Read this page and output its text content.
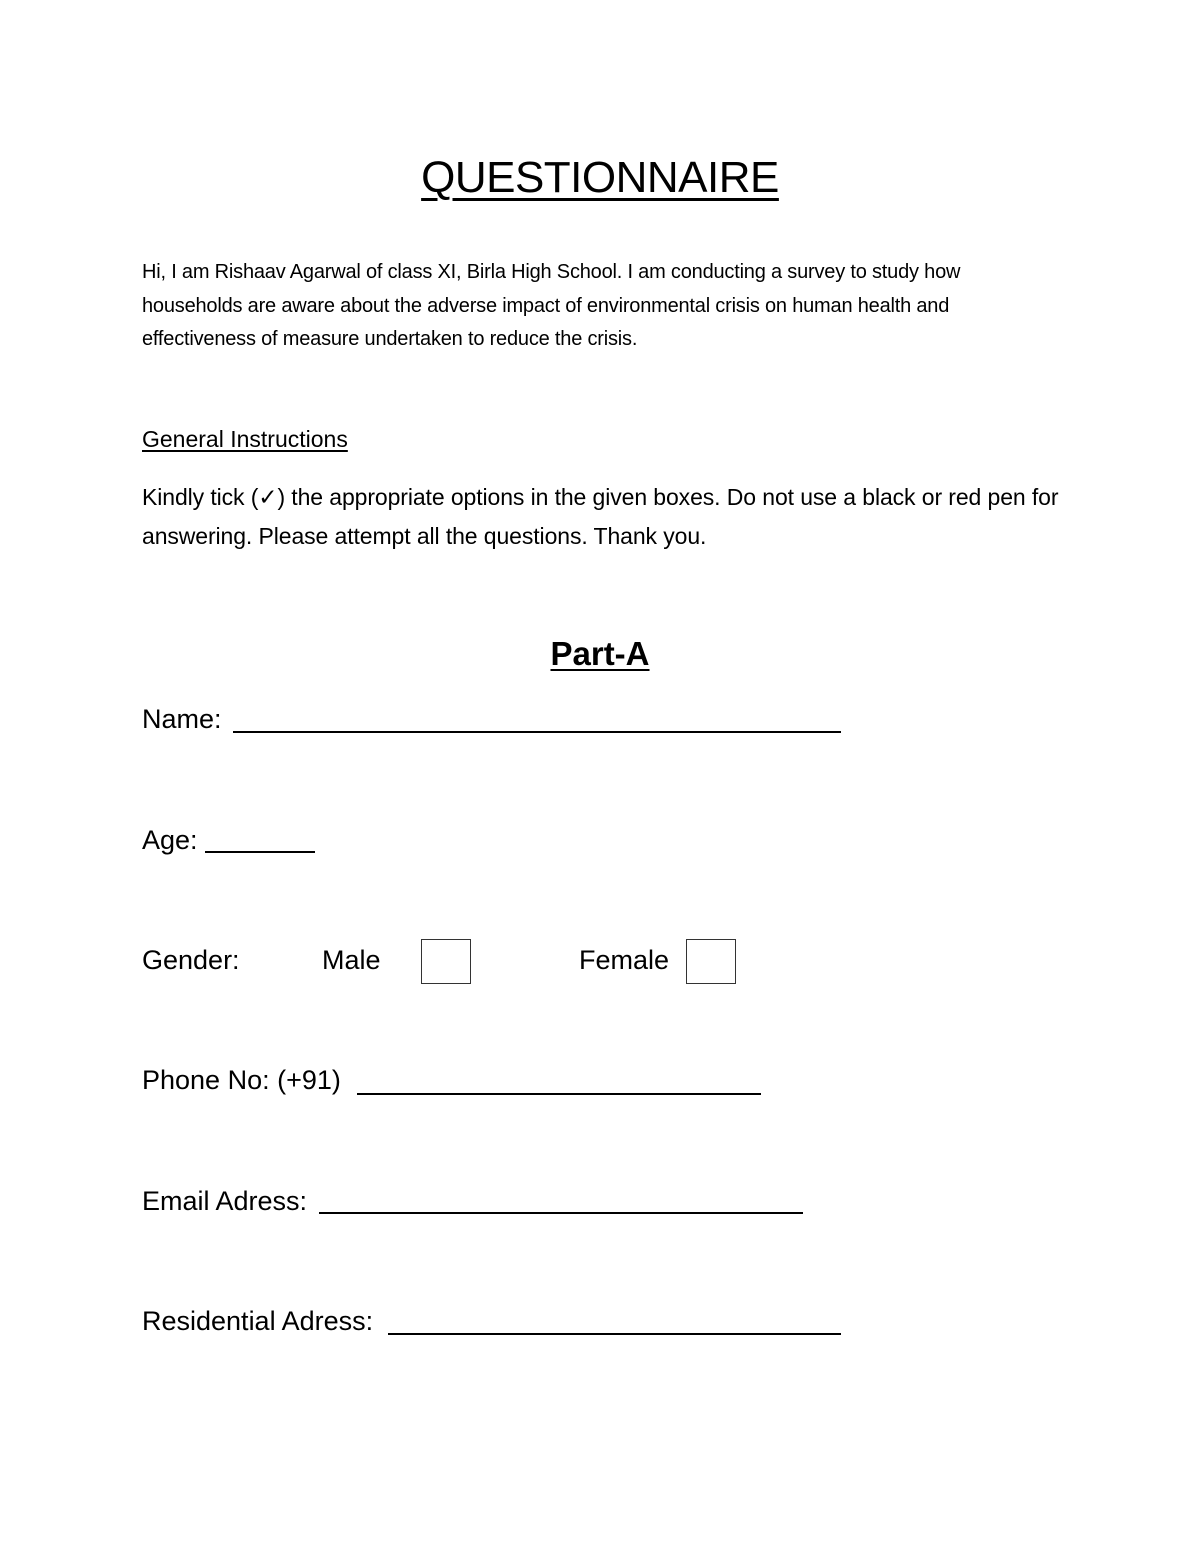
QUESTIONNAIRE
Hi, I am Rishaav Agarwal of class XI, Birla High School. I am conducting a survey to study how households are aware about the adverse impact of environmental crisis on human health and effectiveness of measure undertaken to reduce the crisis.
General Instructions
Kindly tick (✓) the appropriate options in the given boxes. Do not use a black or red pen for answering. Please attempt all the questions. Thank you.
Part-A
Name:
Age:
Gender:	Male	Female
Phone No: (+91)
Email Adress:
Residential Adress:
